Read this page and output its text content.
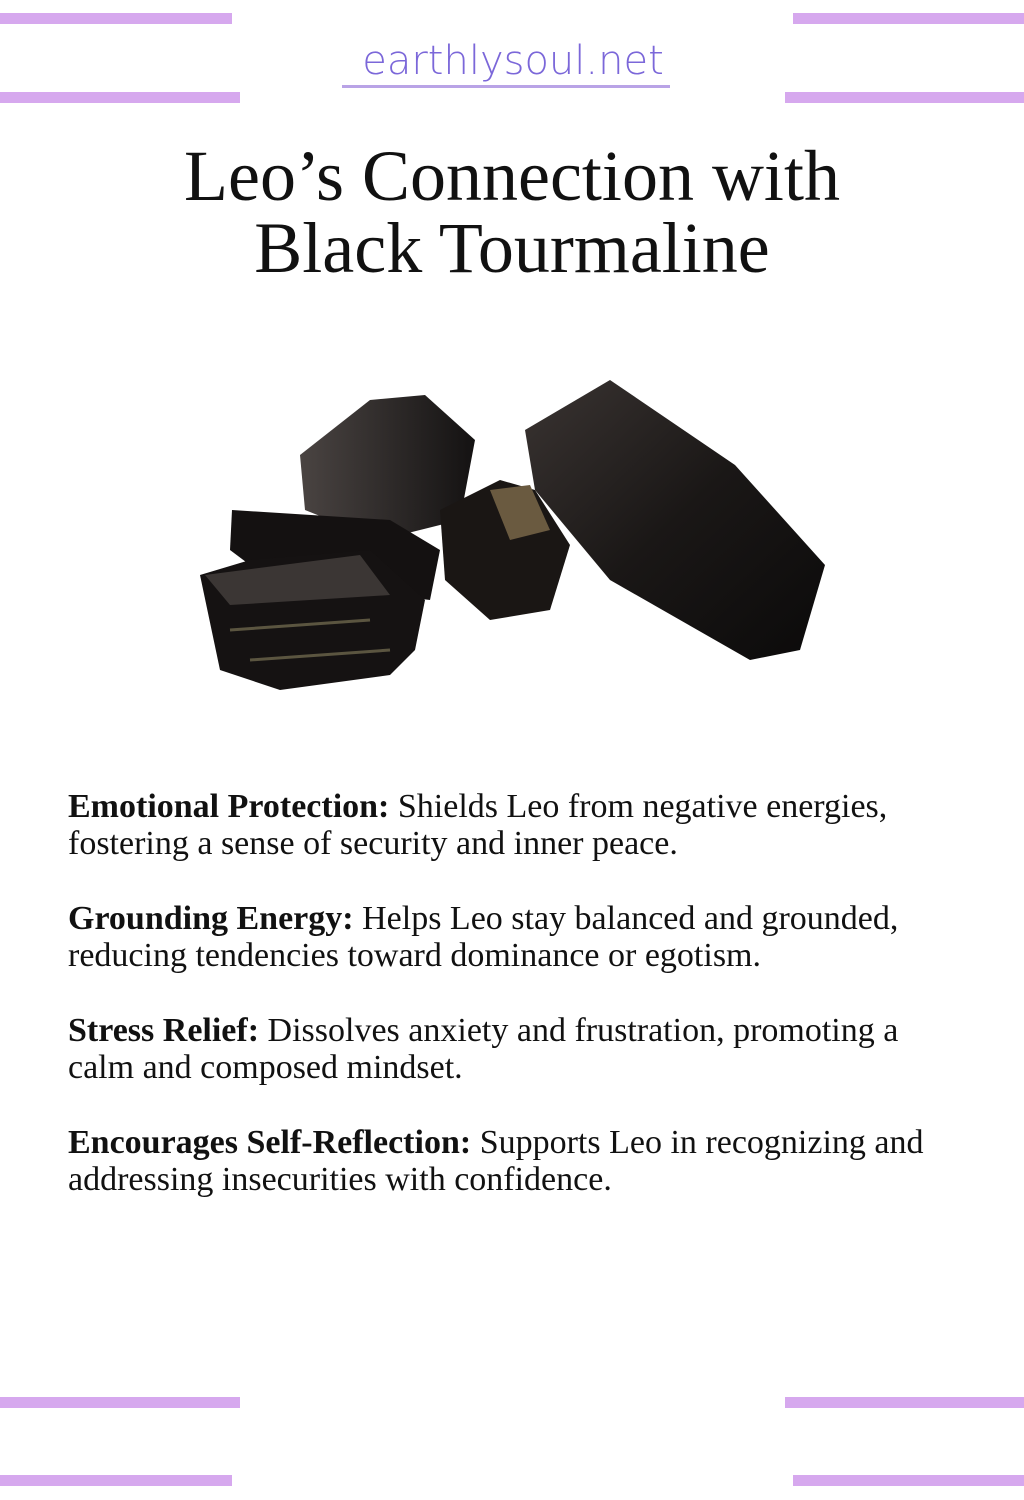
earthlysoul.net
Leo’s Connection with
Black Tourmaline

Emotional Protection: Shields Leo from negative energies, fostering a sense of security and inner peace.

Grounding Energy: Helps Leo stay balanced and grounded, reducing tendencies toward dominance or egotism.

Stress Relief: Dissolves anxiety and frustration, promoting a calm and composed mindset.

Encourages Self-Reflection: Supports Leo in recognizing and addressing insecurities with confidence.
